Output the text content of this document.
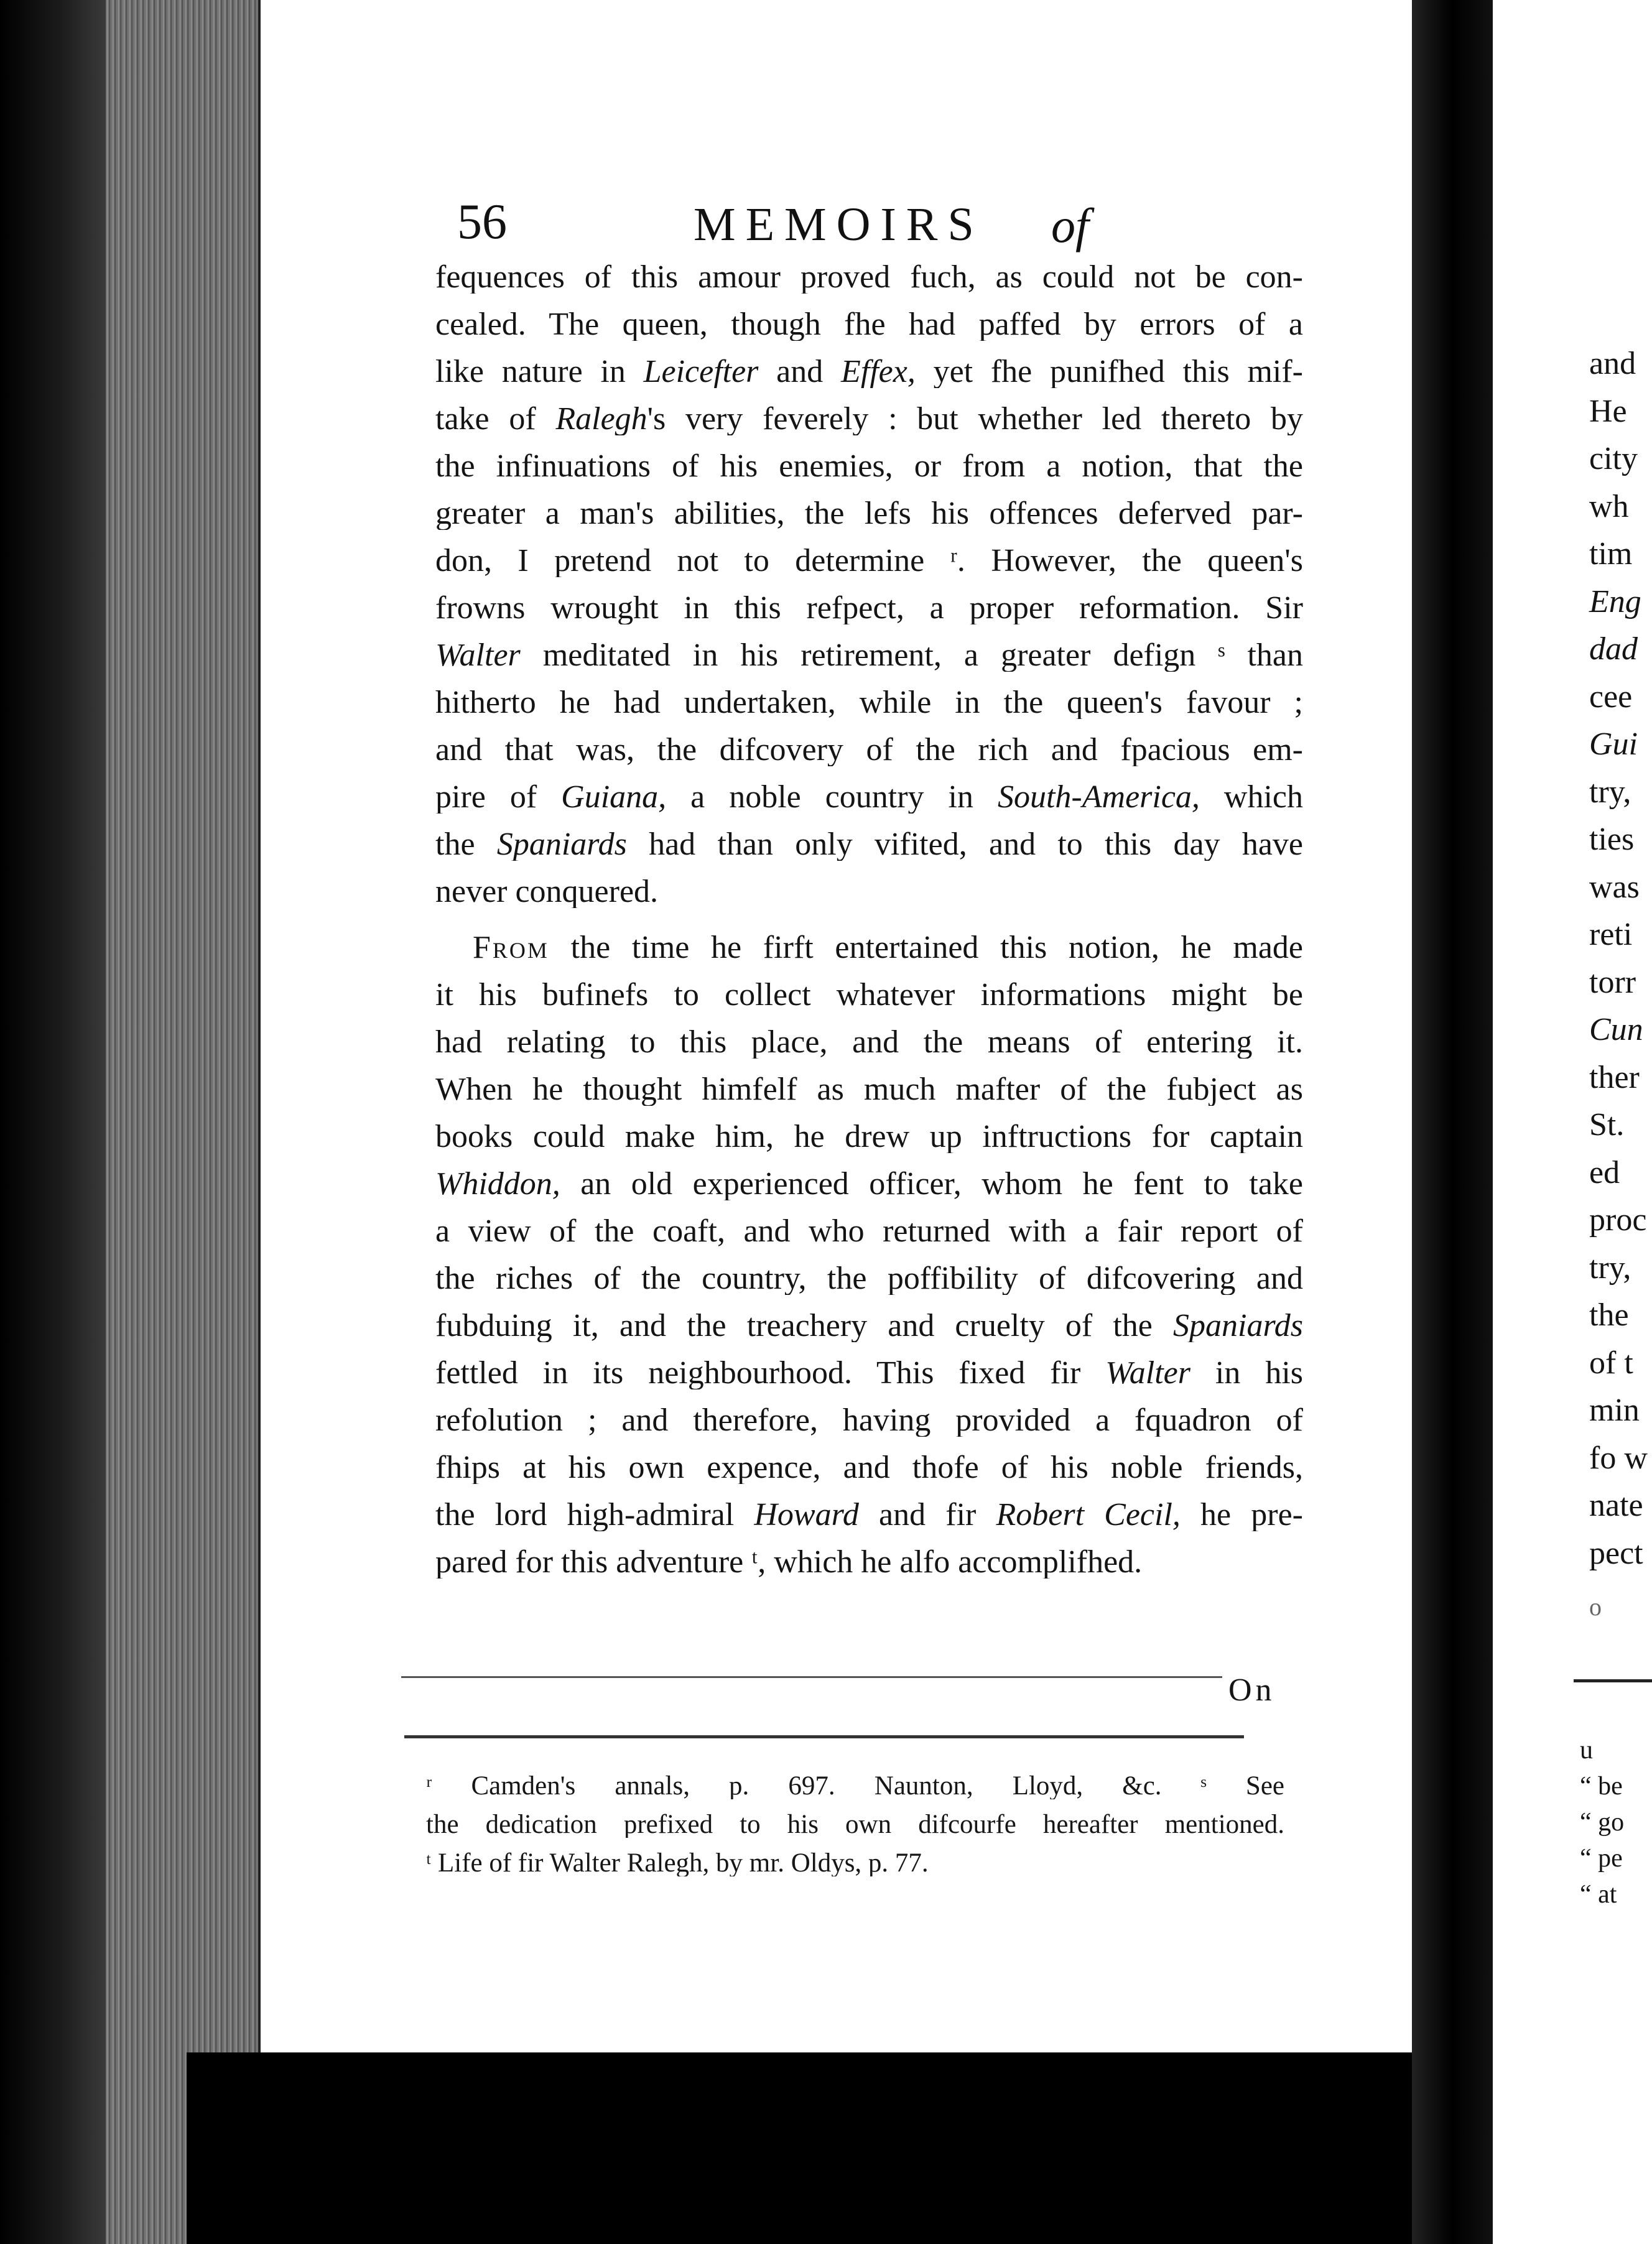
56	MEMOIRS of
fequences of this amour proved fuch, as could not be con-
cealed. The queen, though fhe had paffed by errors of a
like nature in Leicefter and Effex, yet fhe punifhed this mif-
take of Ralegh's very feverely : but whether led thereto by
the infinuations of his enemies, or from a notion, that the
greater a man's abilities, the lefs his offences deferved par-
don, I pretend not to determine ʳ. However, the queen's
frowns wrought in this refpect, a proper reformation. Sir
Walter meditated in his retirement, a greater defign ˢ than
hitherto he had undertaken, while in the queen's favour ;
and that was, the difcovery of the rich and fpacious em-
pire of Guiana, a noble country in South-America, which
the Spaniards had than only vifited, and to this day have
never conquered.
From the time he firft entertained this notion, he made
it his bufinefs to collect whatever informations might be
had relating to this place, and the means of entering it.
When he thought himfelf as much mafter of the fubject as
books could make him, he drew up inftructions for captain
Whiddon, an old experienced officer, whom he fent to take
a view of the coaft, and who returned with a fair report of
the riches of the country, the poffibility of difcovering and
fubduing it, and the treachery and cruelty of the Spaniards
fettled in its neighbourhood. This fixed fir Walter in his
refolution ; and therefore, having provided a fquadron of
fhips at his own expence, and thofe of his noble friends,
the lord high-admiral Howard and fir Robert Cecil, he pre-
pared for this adventure ᵗ, which he alfo accomplifhed.
On
ʳ Camden's annals, p. 697. Naunton, Lloyd, &c. ˢ See
the dedication prefixed to his own difcourfe hereafter mentioned.
ᵗ Life of fir Walter Ralegh, by mr. Oldys, p. 77.
and
He
city
wh
tim
Eng
dad
cee
Gui
try,
ties
was
reti
torr
Cun
ther
St.
ed
proc
try,
the
of t
min
fo w
nate
pect
o
u
“ be
“ go
“ pe
“ at
